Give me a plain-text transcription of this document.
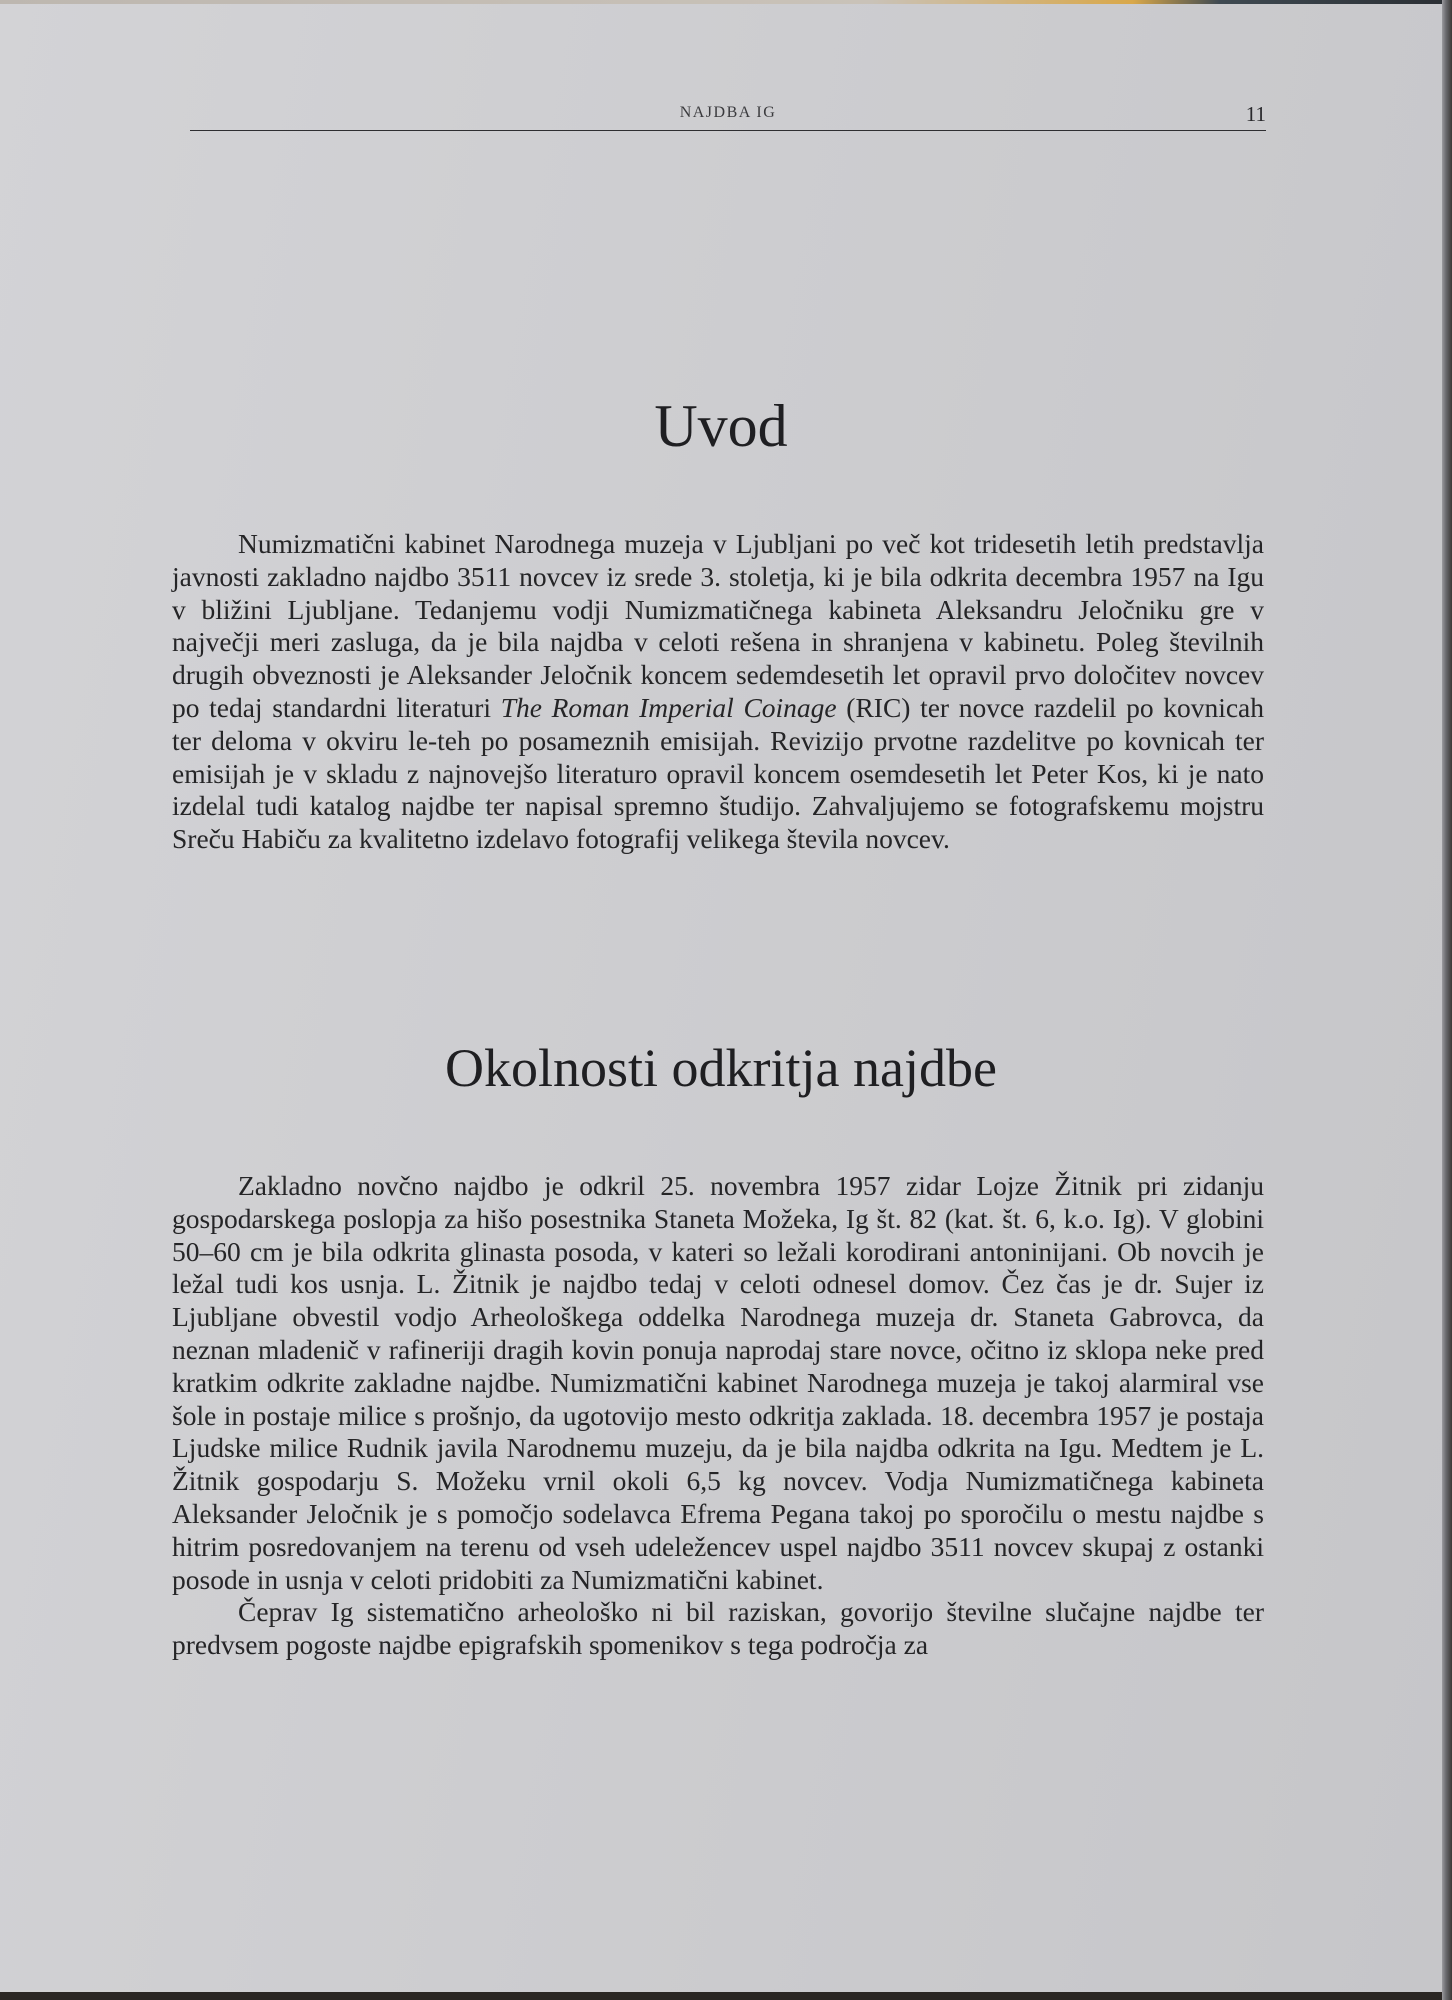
NAJDBA IG	11
Uvod

Numizmatični kabinet Narodnega muzeja v Ljubljani po več kot tridesetih letih predstavlja javnosti zakladno najdbo 3511 novcev iz srede 3. stoletja, ki je bila odkrita decembra 1957 na Igu v bližini Ljubljane. Tedanjemu vodji Numizmatičnega kabineta Aleksandru Jeločniku gre v največji meri zasluga, da je bila najdba v celoti rešena in shranjena v kabinetu. Poleg številnih drugih obveznosti je Aleksander Jeločnik koncem sedemdesetih let opravil prvo določitev novcev po tedaj standardni literaturi The Roman Imperial Coinage (RIC) ter novce razdelil po kovnicah ter deloma v okviru le-teh po posameznih emisijah. Revizijo prvotne razdelitve po kovnicah ter emisijah je v skladu z najnovejšo literaturo opravil koncem osemdesetih let Peter Kos, ki je nato izdelal tudi katalog najdbe ter napisal spremno študijo. Zahvaljujemo se fotografskemu mojstru Sreču Habiču za kvalitetno izdelavo fotografij velikega števila novcev.

Okolnosti odkritja najdbe

Zakladno novčno najdbo je odkril 25. novembra 1957 zidar Lojze Žitnik pri zidanju gospodarskega poslopja za hišo posestnika Staneta Možeka, Ig št. 82 (kat. št. 6, k.o. Ig). V globini 50–60 cm je bila odkrita glinasta posoda, v kateri so ležali korodirani antoninijani. Ob novcih je ležal tudi kos usnja. L. Žitnik je najdbo tedaj v celoti odnesel domov. Čez čas je dr. Sujer iz Ljubljane obvestil vodjo Arheološkega oddelka Narodnega muzeja dr. Staneta Gabrovca, da neznan mladenič v rafineriji dragih kovin ponuja naprodaj stare novce, očitno iz sklopa neke pred kratkim odkrite zakladne najdbe. Numizmatični kabinet Narodnega muzeja je takoj alarmiral vse šole in postaje milice s prošnjo, da ugotovijo mesto odkritja zaklada. 18. decembra 1957 je postaja Ljudske milice Rudnik javila Narodnemu muzeju, da je bila najdba odkrita na Igu. Medtem je L. Žitnik gospodarju S. Možeku vrnil okoli 6,5 kg novcev. Vodja Numizmatičnega kabineta Aleksander Jeločnik je s pomočjo sodelavca Efrema Pegana takoj po sporočilu o mestu najdbe s hitrim posredovanjem na terenu od vseh udeležencev uspel najdbo 3511 novcev skupaj z ostanki posode in usnja v celoti pridobiti za Numizmatični kabinet.

Čeprav Ig sistematično arheološko ni bil raziskan, govorijo številne slučajne najdbe ter predvsem pogoste najdbe epigrafskih spomenikov s tega področja za
